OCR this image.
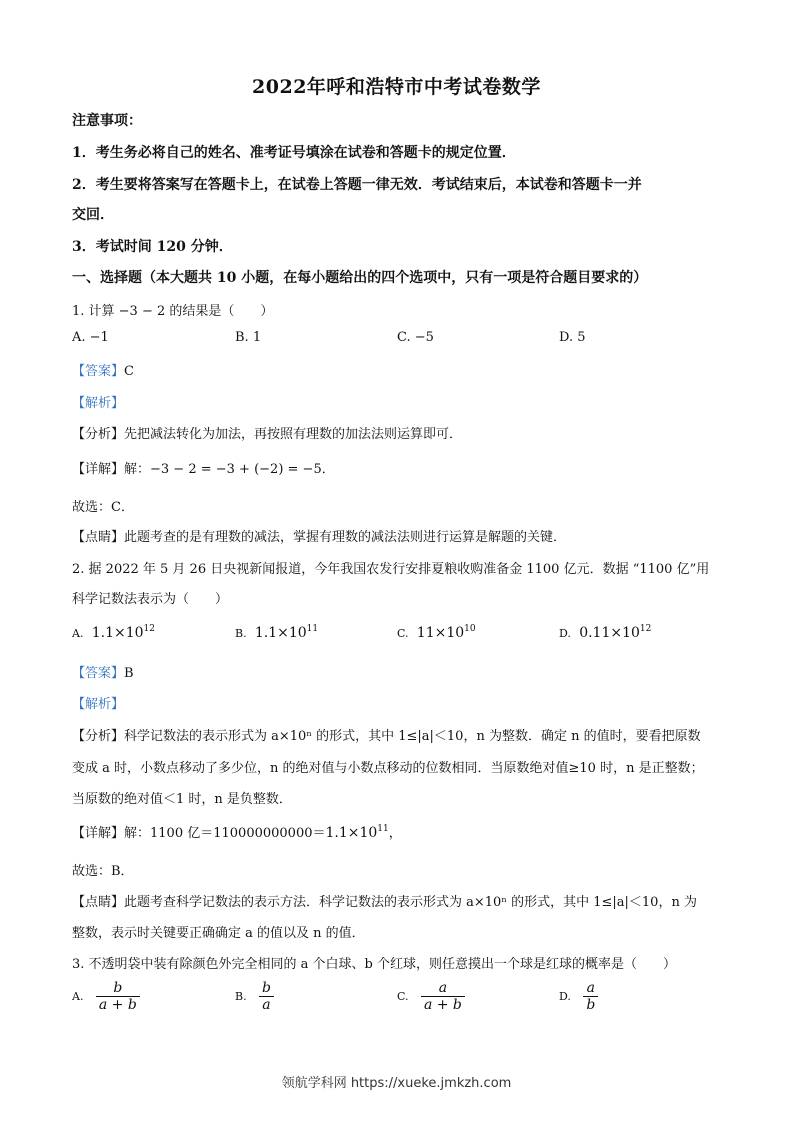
2022年呼和浩特市中考试卷数学
注意事项：
1．考生务必将自己的姓名、准考证号填涂在试卷和答题卡的规定位置．
2．考生要将答案写在答题卡上，在试卷上答题一律无效．考试结束后，本试卷和答题卡一并
交回．
3．考试时间 120 分钟．
一、选择题（本大题共 10 小题，在每小题给出的四个选项中，只有一项是符合题目要求的）
1. 计算 −3 − 2 的结果是（　　）
A. −1	B. 1	C. −5	D. 5
【答案】C
【解析】
【分析】先把减法转化为加法，再按照有理数的加法法则运算即可．
【详解】解：−3 − 2 = −3 + (−2) = −5．
故选：C．
【点睛】此题考查的是有理数的减法，掌握有理数的减法法则进行运算是解题的关键．
2. 据 2022 年 5 月 26 日央视新闻报道，今年我国农发行安排夏粮收购准备金 1100 亿元．数据 “1100 亿”用
科学记数法表示为（　　）
A. $1.1\times 10^{12}$	B. $1.1\times 10^{11}$	C. $11\times 10^{10}$	D. $0.11\times 10^{12}$
【答案】B
【解析】
【分析】科学记数法的表示形式为 a×10ⁿ 的形式，其中 1≤|a|＜10，n 为整数．确定 n 的值时，要看把原数
变成 a 时，小数点移动了多少位，n 的绝对值与小数点移动的位数相同．当原数绝对值≥10 时，n 是正整数；
当原数的绝对值＜1 时，n 是负整数．
【详解】解：1100 亿$=110000000000=1.1\times 10^{11}$，
故选：B．
【点睛】此题考查科学记数法的表示方法．科学记数法的表示形式为 a×10ⁿ 的形式，其中 1≤|a|＜10，n 为
整数，表示时关键要正确确定 a 的值以及 n 的值．
3. 不透明袋中装有除颜色外完全相同的 a 个白球、b 个红球，则任意摸出一个球是红球的概率是（　　）
A. $\frac{b}{a + b}$	B. $\frac{b}{a}$	C. $\frac{a}{a + b}$	D. $\frac{a}{b}$
领航学科网 https://xueke.jmkzh.com
